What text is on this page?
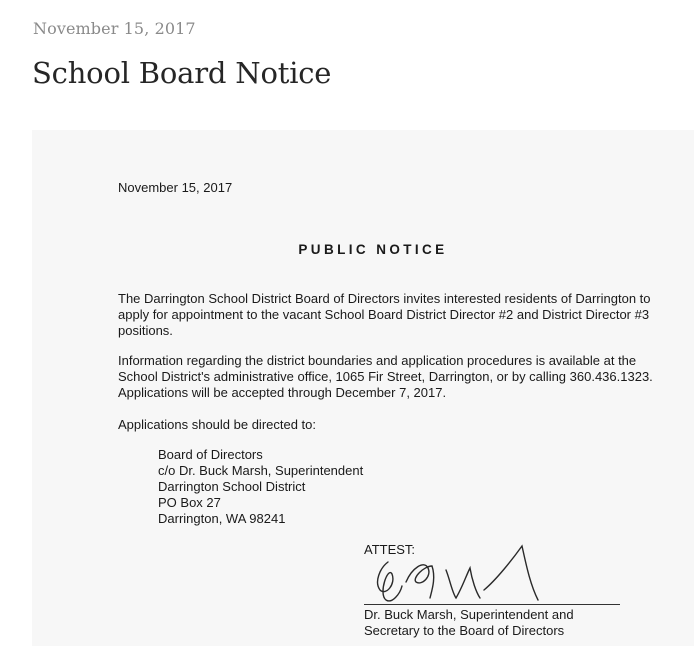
November 15, 2017
School Board Notice
November 15, 2017
PUBLIC NOTICE

The Darrington School District Board of Directors invites interested residents of Darrington to apply for appointment to the vacant School Board District Director #2 and District Director #3 positions.

Information regarding the district boundaries and application procedures is available at the School District's administrative office, 1065 Fir Street, Darrington, or by calling 360.436.1323. Applications will be accepted through December 7, 2017.

Applications should be directed to:

Board of Directors
c/o Dr. Buck Marsh, Superintendent
Darrington School District
PO Box 27
Darrington, WA 98241
ATTEST:
Dr. Buck Marsh, Superintendent and
Secretary to the Board of Directors
